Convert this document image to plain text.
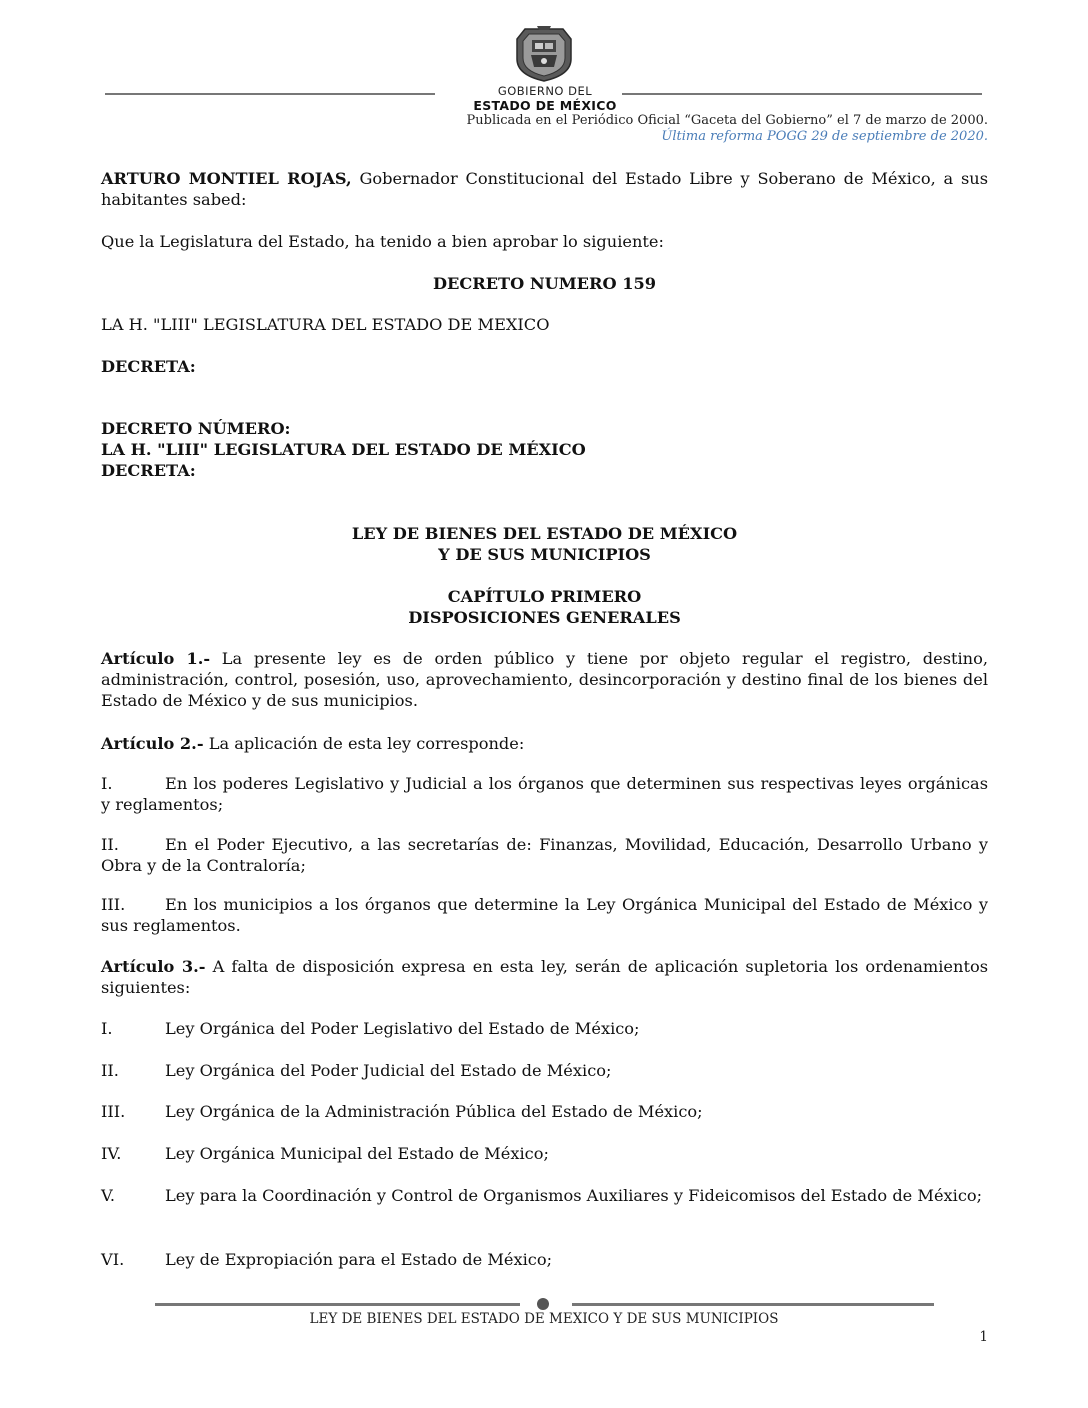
GOBIERNO DEL
ESTADO DE MÉXICO
Publicada en el Periódico Oficial “Gaceta del Gobierno” el 7 de marzo de 2000.
Última reforma POGG 29 de septiembre de 2020.
ARTURO MONTIEL ROJAS, Gobernador Constitucional del Estado Libre y Soberano de México, a sus habitantes sabed:
Que la Legislatura del Estado, ha tenido a bien aprobar lo siguiente:
DECRETO NUMERO 159
LA H. "LIII" LEGISLATURA DEL ESTADO DE MEXICO
DECRETA:
DECRETO NÚMERO:
LA H. "LIII" LEGISLATURA DEL ESTADO DE MÉXICO
DECRETA:
LEY DE BIENES DEL ESTADO DE MÉXICO
Y DE SUS MUNICIPIOS
CAPÍTULO PRIMERO
DISPOSICIONES GENERALES
Artículo 1.- La presente ley es de orden público y tiene por objeto regular el registro, destino, administración, control, posesión, uso, aprovechamiento, desincorporación y destino final de los bienes del Estado de México y de sus municipios.
Artículo 2.- La aplicación de esta ley corresponde:
I.	En los poderes Legislativo y Judicial a los órganos que determinen sus respectivas leyes orgánicas y reglamentos;
II.	En el Poder Ejecutivo, a las secretarías de: Finanzas, Movilidad, Educación, Desarrollo Urbano y Obra y de la Contraloría;
III. En los municipios a los órganos que determine la Ley Orgánica Municipal del Estado de México y sus reglamentos.
Artículo 3.- A falta de disposición expresa en esta ley, serán de aplicación supletoria los ordenamientos siguientes:
I.	Ley Orgánica del Poder Legislativo del Estado de México;
II.	Ley Orgánica del Poder Judicial del Estado de México;
III. Ley Orgánica de la Administración Pública del Estado de México;
IV.	Ley Orgánica Municipal del Estado de México;
V.	Ley para la Coordinación y Control de Organismos Auxiliares y Fideicomisos del Estado de México;
VI.	Ley de Expropiación para el Estado de México;
LEY DE BIENES DEL ESTADO DE MEXICO Y DE SUS MUNICIPIOS
1
